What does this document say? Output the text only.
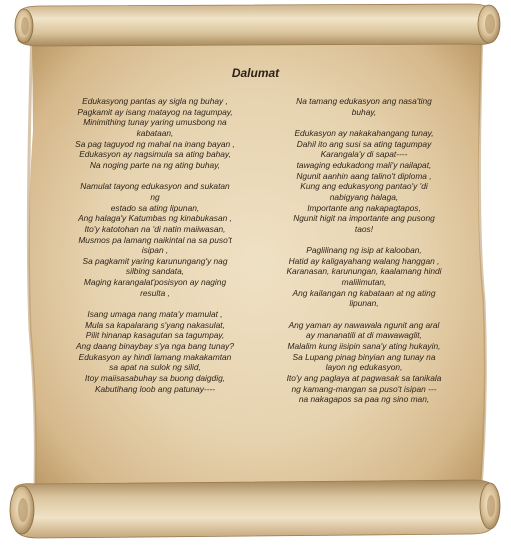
Dalumat
Edukasyong pantas ay sigla ng buhay ,
Pagkamit ay isang matayog na tagumpay,
Minimithing tunay yaring umusbong na
kabataan,
Sa pag taguyod ng mahal na inang bayan ,
Edukasyon ay nagsimula sa ating bahay,
Na noging parte na ng ating buhay,
Namulat tayong edukasyon and sukatan
ng
estado sa ating lipunan,
Ang halaga'y Katumbas ng kinabukasan ,
Ito'y katotohan na 'di natin maiiwasan,
Musmos pa lamang naikintal na sa puso't
isipan ,
Sa pagkamit yaring karunungang'y nag
silbing sandata,
Maging karangalat'posisyon ay naging
resulta ,
Isang umaga nang mata'y mamulat ,
Mula sa kapalarang s'yang nakasulat,
Pilit hinanap kasagutan sa tagumpay,
Ang daang binaybay s'ya nga bang tunay?
Edukasyon ay hindi lamang makakamtan
sa apat na sulok ng silid,
Itoy maiisasabuhay sa buong daigdig,
Kabutihang loob ang patunay----
Na tamang edukasyon ang nasa'ting
buhay,
Edukasyon ay nakakahangang tunay,
Dahil ito ang susi sa ating tagumpay
Karangala'y di sapat----
tawaging edukadong mali'y nailapat,
Ngunit aanhin aang talino't diploma ,
Kung ang edukasyong pantao'y 'di
nabigyang halaga,
Importante ang nakapagtapos,
Ngunit higit na importante ang pusong
taos!
Paglilinang ng isip at kalooban,
Hatid ay kaligayahang walang hanggan ,
Karanasan, karunungan, kaalamang hindi
malilimutan,
Ang kailangan ng kabataan at ng ating
lipunan,
Ang yaman ay nawawala ngunit ang aral
ay mananatili at di mawawaglit,
Malalim kung iisipin sana'y ating hukayin,
Sa Lupang pinag binyian ang tunay na
layon ng edukasyon,
Ito'y ang paglaya at pagwasak sa tanikala
ng kamang-mangan sa puso't isipan ---
na nakagapos sa paa ng sino man,
